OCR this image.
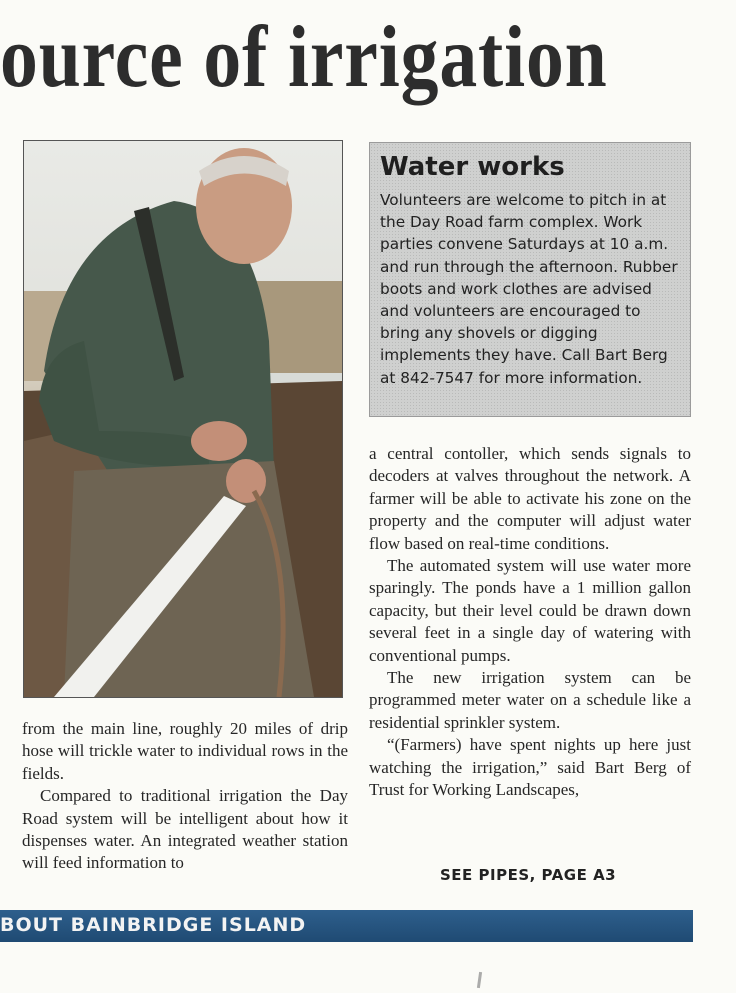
ource of irrigation
Water works

Volunteers are welcome to pitch in at the Day Road farm complex. Work parties convene Saturdays at 10 a.m. and run through the afternoon. Rubber boots and work clothes are advised and volunteers are encouraged to bring any shovels or digging implements they have. Call Bart Berg at 842-7547 for more information.

from the main line, roughly 20 miles of drip hose will trickle water to individual rows in the fields.

Compared to traditional irrigation the Day Road system will be intelligent about how it dispenses water. An integrated weather station will feed information to

a central contoller, which sends signals to decoders at valves throughout the network. A farmer will be able to activate his zone on the property and the computer will adjust water flow based on real-time conditions.

The automated system will use water more sparingly. The ponds have a 1 million gallon capacity, but their level could be drawn down several feet in a single day of watering with conventional pumps.

The new irrigation system can be programmed meter water on a schedule like a residential sprinkler system.

“(Farmers) have spent nights up here just watching the irrigation,” said Bart Berg of Trust for Working Landscapes,

SEE PIPES, PAGE A3
BOUT BAINBRIDGE ISLAND
